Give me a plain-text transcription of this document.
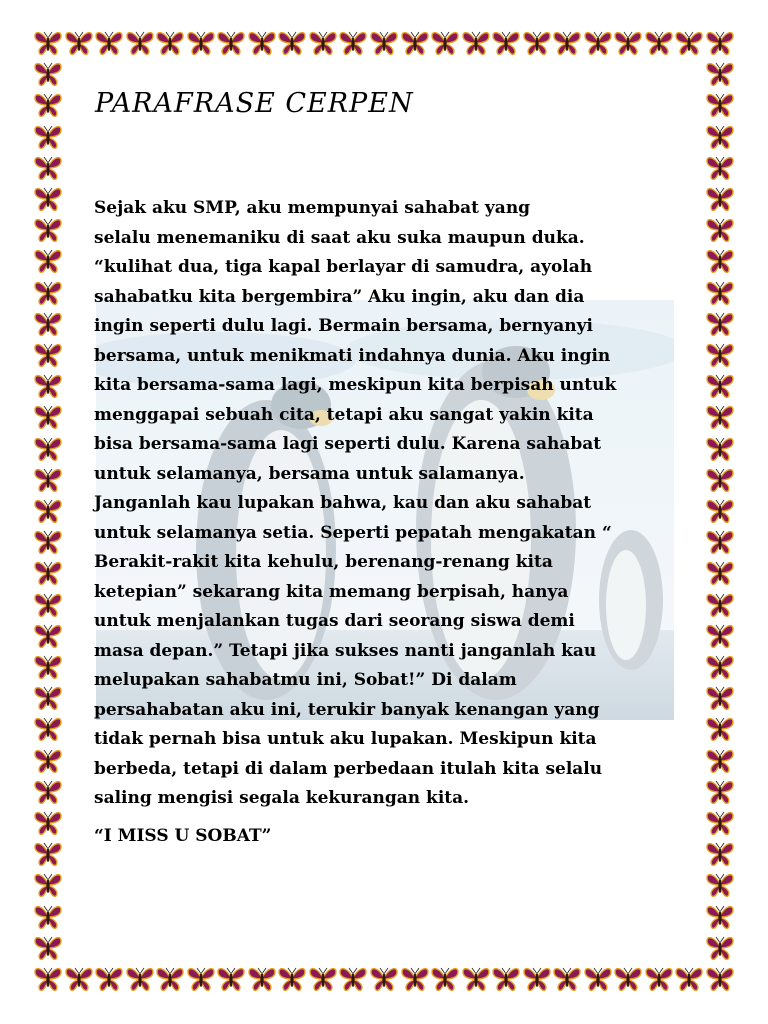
PARAFRASE CERPEN

Sejak aku SMP, aku mempunyai sahabat yang
selalu menemaniku di saat aku suka maupun duka.
“kulihat dua, tiga kapal berlayar di samudra, ayolah
sahabatku kita bergembira” Aku ingin, aku dan dia
ingin seperti dulu lagi. Bermain bersama, bernyanyi
bersama, untuk menikmati indahnya dunia. Aku ingin
kita bersama-sama lagi, meskipun kita berpisah untuk
menggapai sebuah cita, tetapi aku sangat yakin kita
bisa bersama-sama lagi seperti dulu. Karena sahabat
untuk selamanya, bersama untuk salamanya.
Janganlah kau lupakan bahwa, kau dan aku sahabat
untuk selamanya setia. Seperti pepatah mengakatan “
Berakit-rakit kita kehulu, berenang-renang kita
ketepian” sekarang kita memang berpisah, hanya
untuk menjalankan tugas dari seorang siswa demi
masa depan.” Tetapi jika sukses nanti janganlah kau
melupakan sahabatmu ini, Sobat!” Di dalam
persahabatan aku ini, terukir banyak kenangan yang
tidak pernah bisa untuk aku lupakan. Meskipun kita
berbeda, tetapi di dalam perbedaan itulah kita selalu
saling mengisi segala kekurangan kita.

“I MISS U SOBAT”
